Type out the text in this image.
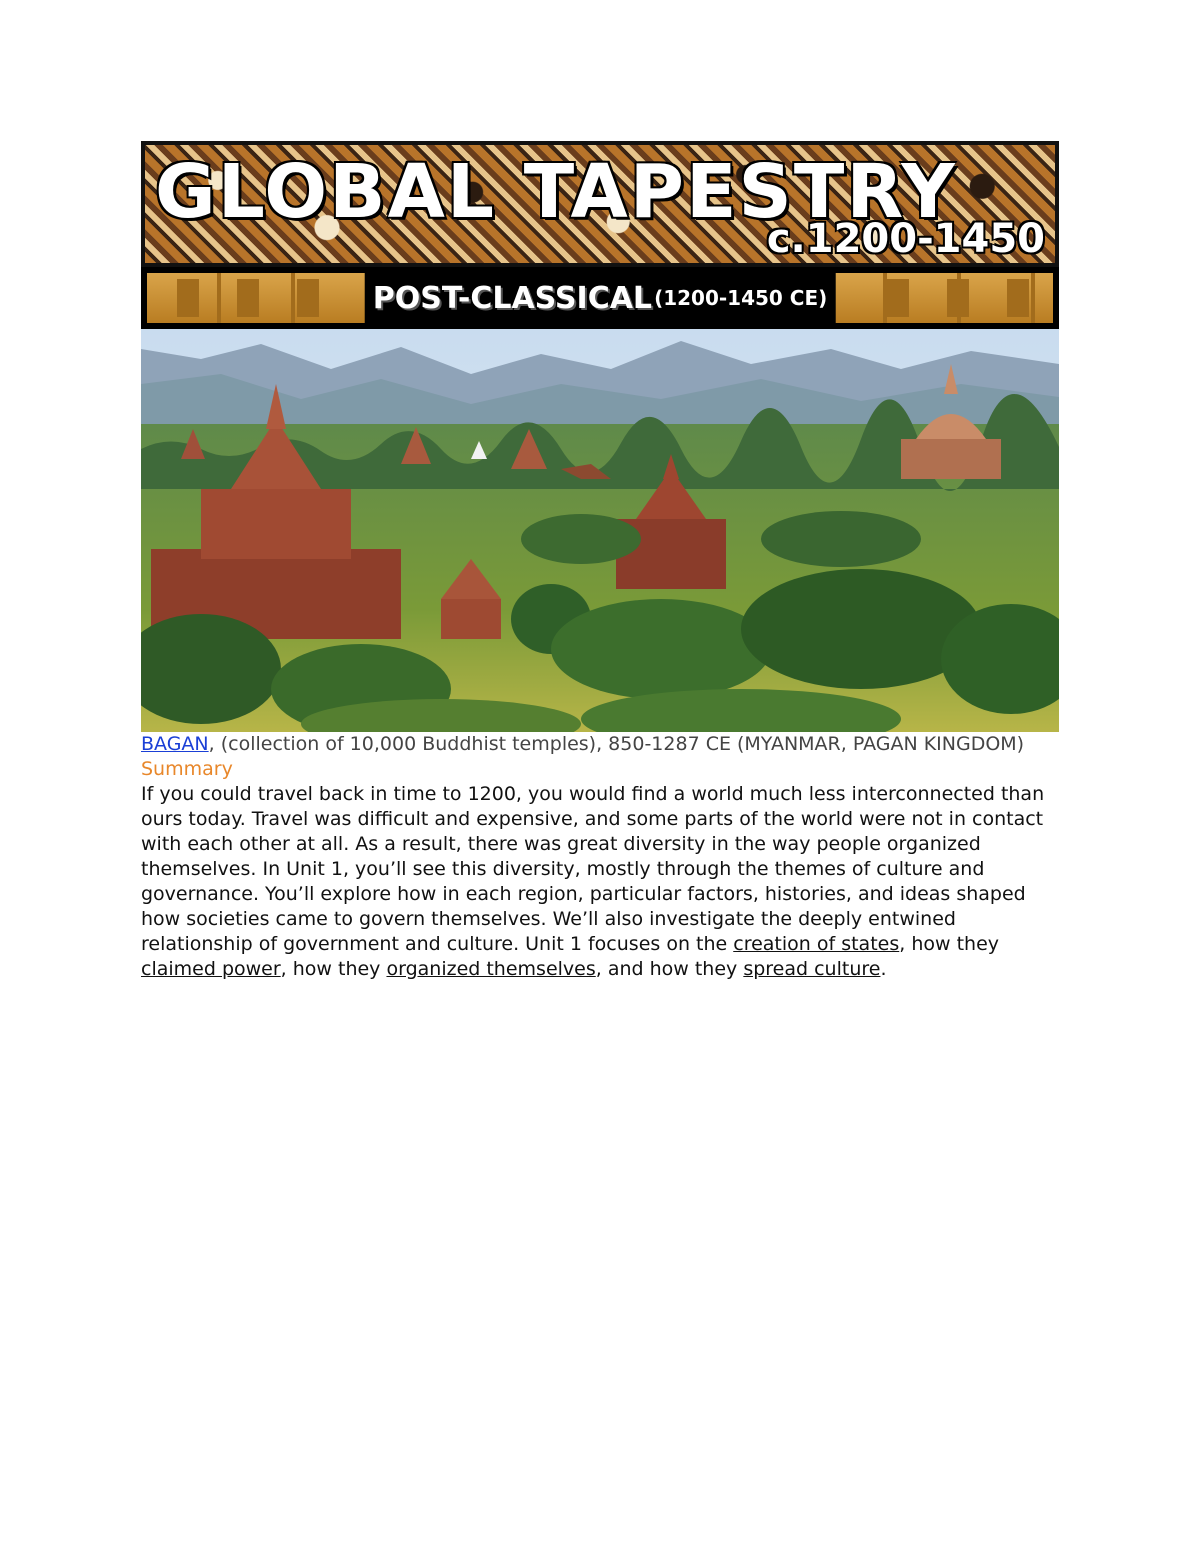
GLOBAL TAPESTRY
c.1200-1450
POST-CLASSICAL (1200-1450 CE)

BAGAN, (collection of 10,000 Buddhist temples), 850-1287 CE (MYANMAR, PAGAN KINGDOM)

Summary

If you could travel back in time to 1200, you would find a world much less interconnected than ours today. Travel was difficult and expensive, and some parts of the world were not in contact with each other at all. As a result, there was great diversity in the way people organized themselves. In Unit 1, you’ll see this diversity, mostly through the themes of culture and governance. You’ll explore how in each region, particular factors, histories, and ideas shaped how societies came to govern themselves. We’ll also investigate the deeply entwined relationship of government and culture. Unit 1 focuses on the creation of states, how they claimed power, how they organized themselves, and how they spread culture.
